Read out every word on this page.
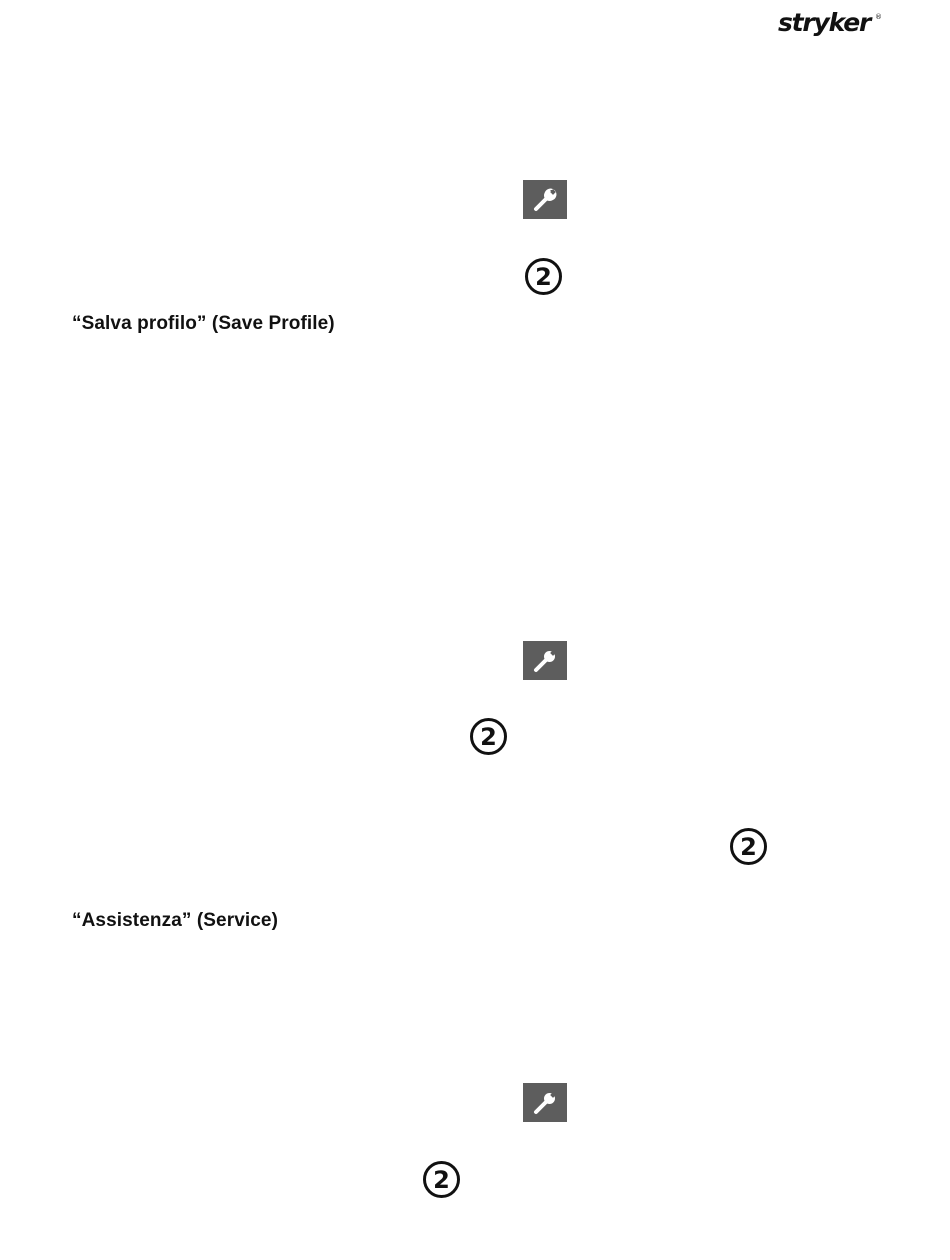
stryker ®
2
“Salva profilo” (Save Profile)
2
2
“Assistenza” (Service)
2
